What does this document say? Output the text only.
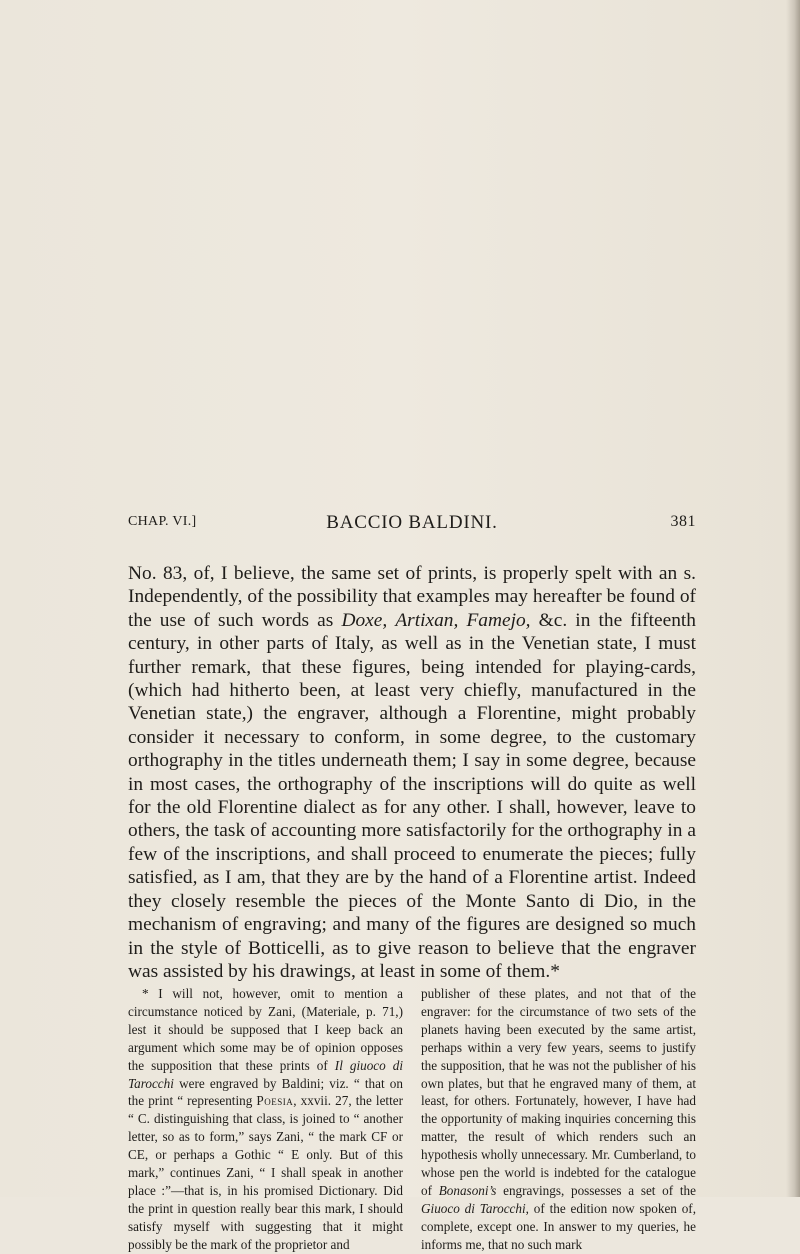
CHAP. VI.]	BACCIO BALDINI.	381

No. 83, of, I believe, the same set of prints, is properly spelt with an s. Independently, of the possibility that examples may hereafter be found of the use of such words as Doxe, Artixan, Famejo, &c. in the fifteenth century, in other parts of Italy, as well as in the Venetian state, I must further remark, that these figures, being intended for playing-cards, (which had hitherto been, at least very chiefly, manufactured in the Venetian state,) the engraver, although a Florentine, might probably consider it necessary to conform, in some degree, to the customary orthography in the titles underneath them; I say in some degree, because in most cases, the orthography of the inscriptions will do quite as well for the old Florentine dialect as for any other. I shall, however, leave to others, the task of accounting more satisfactorily for the orthography in a few of the inscriptions, and shall proceed to enumerate the pieces; fully satisfied, as I am, that they are by the hand of a Florentine artist. Indeed they closely resemble the pieces of the Monte Santo di Dio, in the mechanism of engraving; and many of the figures are designed so much in the style of Botticelli, as to give reason to believe that the engraver was assisted by his drawings, at least in some of them.*

* I will not, however, omit to mention a circumstance noticed by Zani, (Materiale, p. 71,) lest it should be supposed that I keep back an argument which some may be of opinion opposes the supposition that these prints of Il giuoco di Tarocchi were engraved by Baldini; viz. “ that on the print “ representing Poesia, xxvii. 27, the letter “ C. distinguishing that class, is joined to “ another letter, so as to form,” says Zani, “ the mark CF or CE, or perhaps a Gothic “ E only. But of this mark,” continues Zani, “ I shall speak in another place :”—that is, in his promised Dictionary. Did the print in question really bear this mark, I should satisfy myself with suggesting that it might possibly be the mark of the proprietor and

publisher of these plates, and not that of the engraver: for the circumstance of two sets of the planets having been executed by the same artist, perhaps within a very few years, seems to justify the supposition, that he was not the publisher of his own plates, but that he engraved many of them, at least, for others. Fortunately, however, I have had the opportunity of making inquiries concerning this matter, the result of which renders such an hypothesis wholly unnecessary. Mr. Cumberland, to whose pen the world is indebted for the catalogue of Bonasoni’s engravings, possesses a set of the Giuoco di Tarocchi, of the edition now spoken of, complete, except one. In answer to my queries, he informs me, that no such mark
